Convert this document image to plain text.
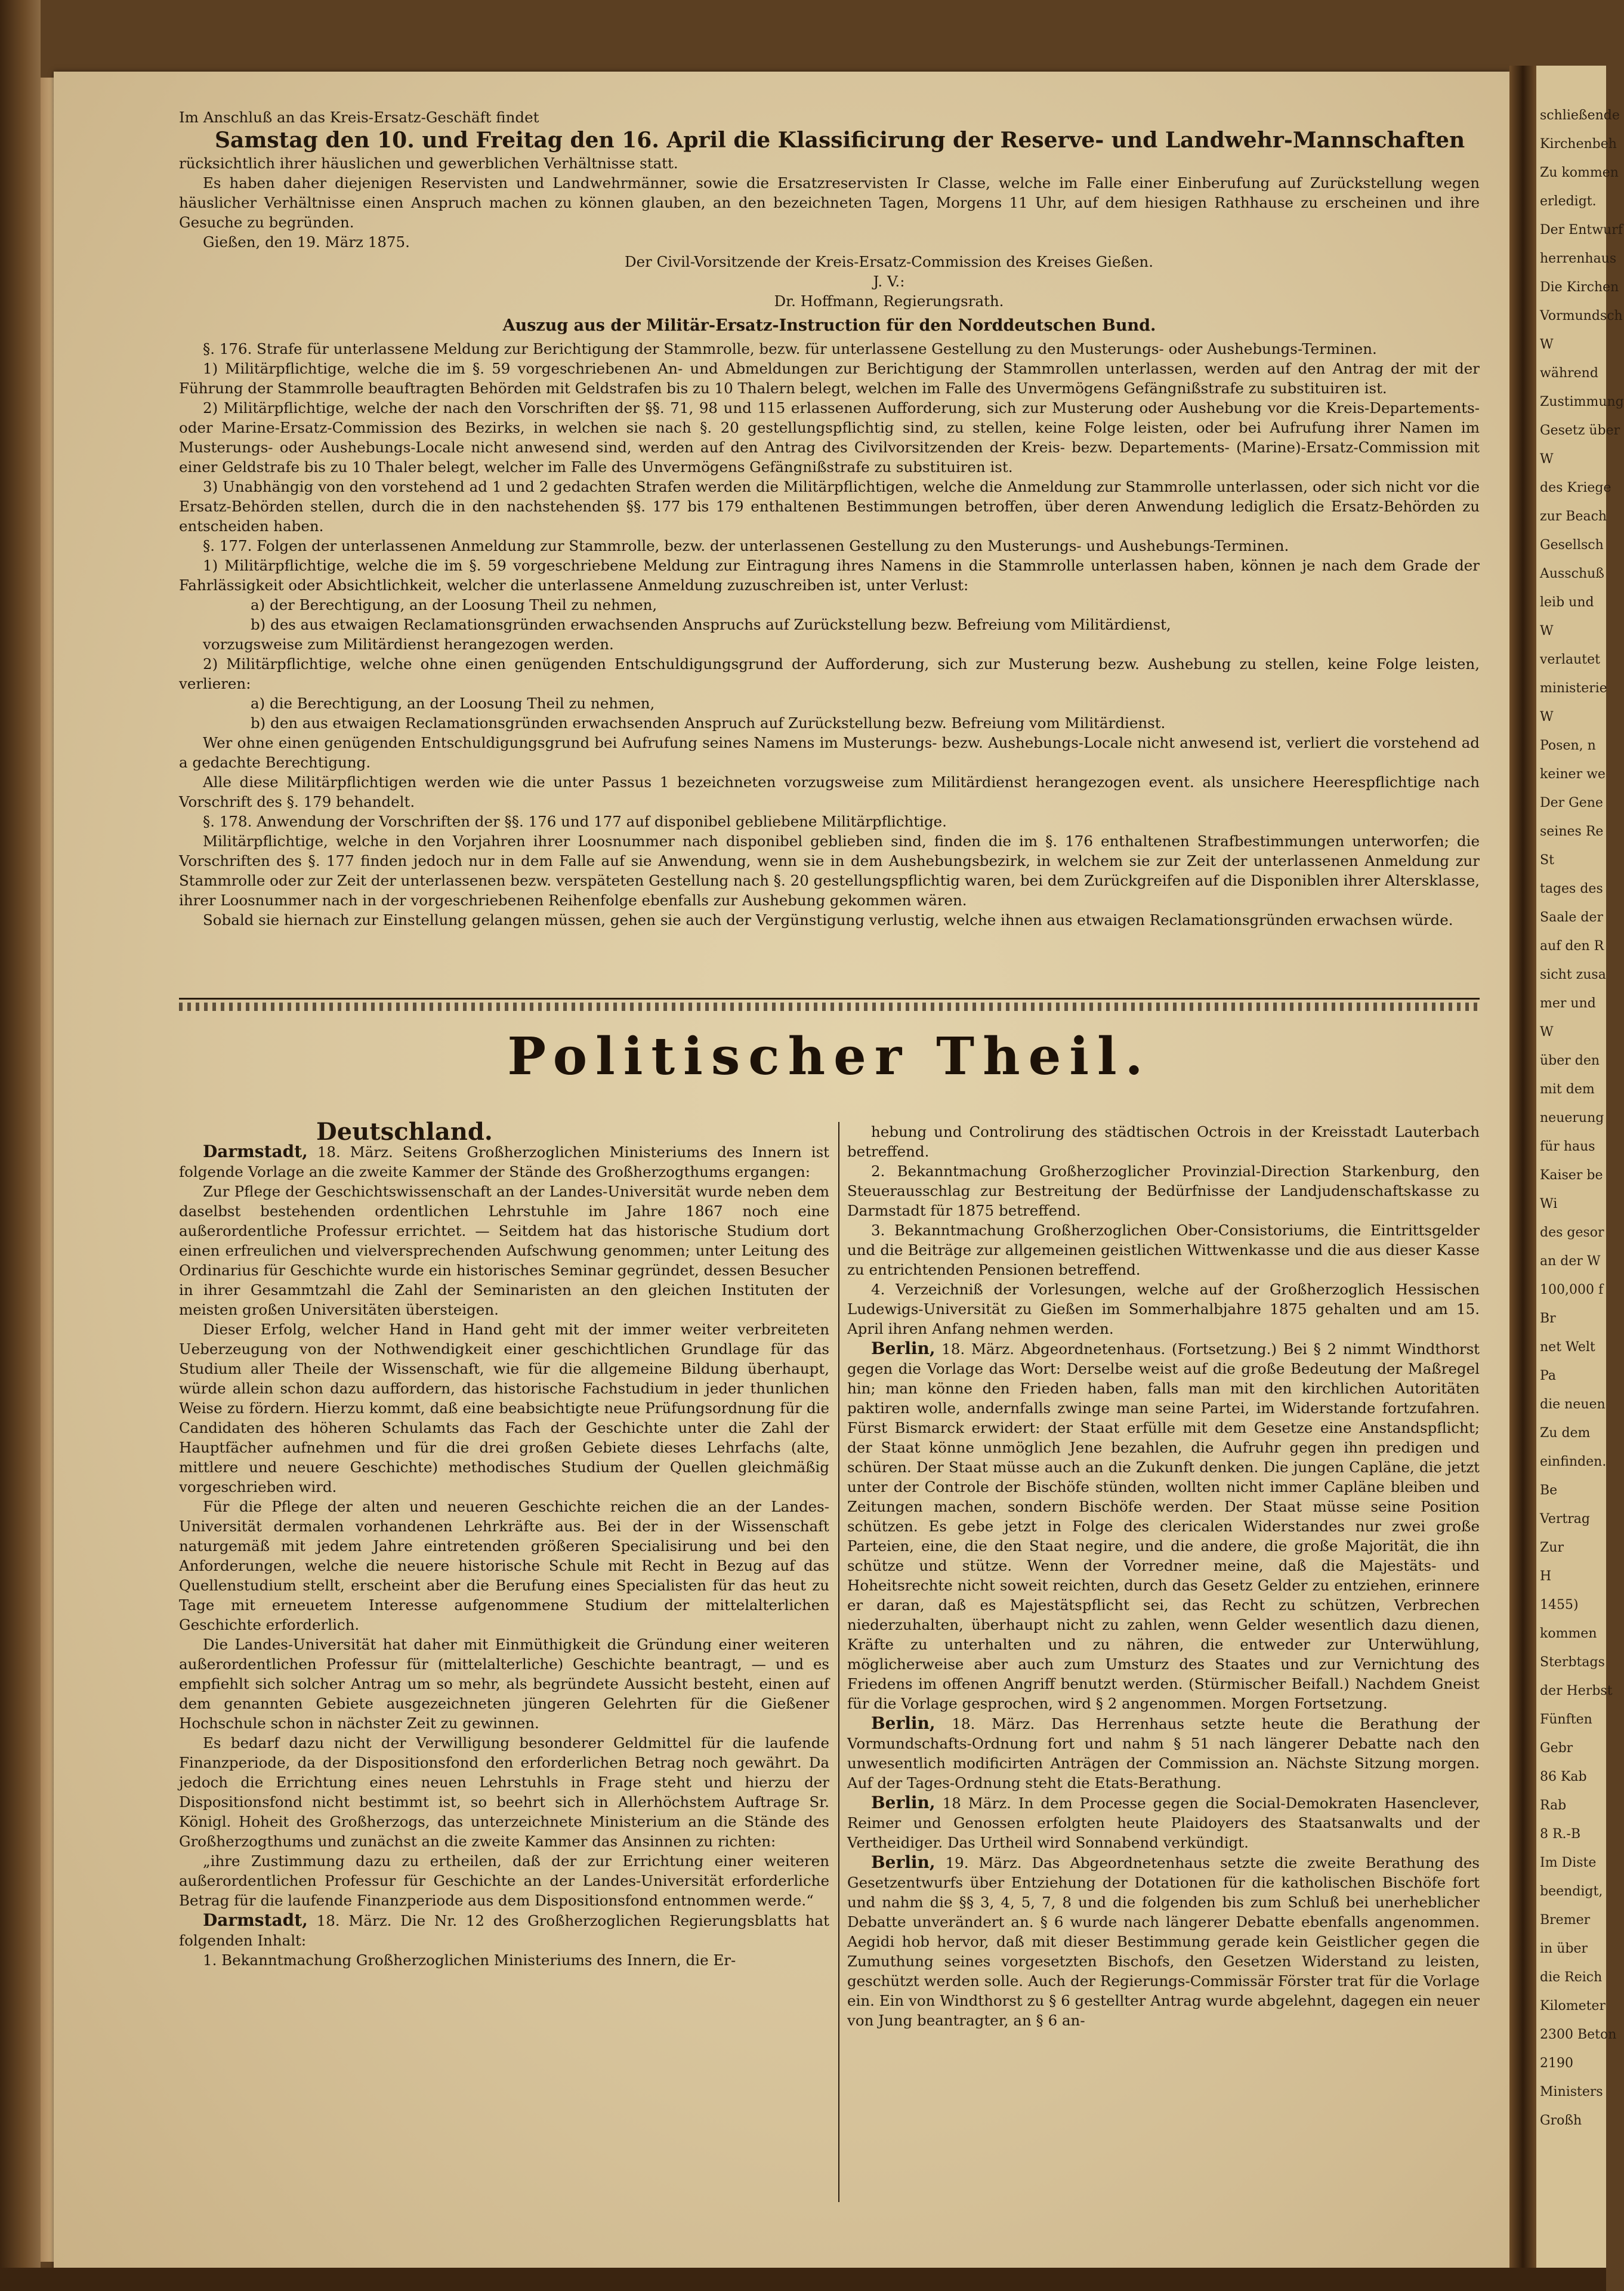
Im Anschluß an das Kreis-Ersatz-Geschäft findet

Samstag den 10. und Freitag den 16. April die Klassificirung der Reserve- und Landwehr-Mannschaften

rücksichtlich ihrer häuslichen und gewerblichen Verhältnisse statt.

Es haben daher diejenigen Reservisten und Landwehrmänner, sowie die Ersatzreservisten Ir Classe, welche im Falle einer Einberufung auf Zurückstellung wegen häuslicher Verhältnisse einen Anspruch machen zu können glauben, an den bezeichneten Tagen, Morgens 11 Uhr, auf dem hiesigen Rathhause zu erscheinen und ihre Gesuche zu begründen.

Gießen, den 19. März 1875.

Der Civil-Vorsitzende der Kreis-Ersatz-Commission des Kreises Gießen.

J. V.:

Dr. Hoffmann, Regierungsrath.

Auszug aus der Militär-Ersatz-Instruction für den Norddeutschen Bund.

§. 176. Strafe für unterlassene Meldung zur Berichtigung der Stammrolle, bezw. für unterlassene Gestellung zu den Musterungs- oder Aushebungs-Terminen.

1) Militärpflichtige, welche die im §. 59 vorgeschriebenen An- und Abmeldungen zur Berichtigung der Stammrollen unterlassen, werden auf den Antrag der mit der Führung der Stammrolle beauftragten Behörden mit Geldstrafen bis zu 10 Thalern belegt, welchen im Falle des Unvermögens Gefängnißstrafe zu substituiren ist.

2) Militärpflichtige, welche der nach den Vorschriften der §§. 71, 98 und 115 erlassenen Aufforderung, sich zur Musterung oder Aushebung vor die Kreis-Departements- oder Marine-Ersatz-Commission des Bezirks, in welchen sie nach §. 20 gestellungspflichtig sind, zu stellen, keine Folge leisten, oder bei Aufrufung ihrer Namen im Musterungs- oder Aushebungs-Locale nicht anwesend sind, werden auf den Antrag des Civilvorsitzenden der Kreis- bezw. Departements- (Marine)-Ersatz-Commission mit einer Geldstrafe bis zu 10 Thaler belegt, welcher im Falle des Unvermögens Gefängnißstrafe zu substituiren ist.

3) Unabhängig von den vorstehend ad 1 und 2 gedachten Strafen werden die Militärpflichtigen, welche die Anmeldung zur Stammrolle unterlassen, oder sich nicht vor die Ersatz-Behörden stellen, durch die in den nachstehenden §§. 177 bis 179 enthaltenen Bestimmungen betroffen, über deren Anwendung lediglich die Ersatz-Behörden zu entscheiden haben.

§. 177. Folgen der unterlassenen Anmeldung zur Stammrolle, bezw. der unterlassenen Gestellung zu den Musterungs- und Aushebungs-Terminen.

1) Militärpflichtige, welche die im §. 59 vorgeschriebene Meldung zur Eintragung ihres Namens in die Stammrolle unterlassen haben, können je nach dem Grade der Fahrlässigkeit oder Absichtlichkeit, welcher die unterlassene Anmeldung zuzuschreiben ist, unter Verlust:

a) der Berechtigung, an der Loosung Theil zu nehmen,

b) des aus etwaigen Reclamationsgründen erwachsenden Anspruchs auf Zurückstellung bezw. Befreiung vom Militärdienst,

vorzugsweise zum Militärdienst herangezogen werden.

2) Militärpflichtige, welche ohne einen genügenden Entschuldigungsgrund der Aufforderung, sich zur Musterung bezw. Aushebung zu stellen, keine Folge leisten, verlieren:

a) die Berechtigung, an der Loosung Theil zu nehmen,

b) den aus etwaigen Reclamationsgründen erwachsenden Anspruch auf Zurückstellung bezw. Befreiung vom Militärdienst.

Wer ohne einen genügenden Entschuldigungsgrund bei Aufrufung seines Namens im Musterungs- bezw. Aushebungs-Locale nicht anwesend ist, verliert die vorstehend ad a gedachte Berechtigung.

Alle diese Militärpflichtigen werden wie die unter Passus 1 bezeichneten vorzugsweise zum Militärdienst herangezogen event. als unsichere Heerespflichtige nach Vorschrift des §. 179 behandelt.

§. 178. Anwendung der Vorschriften der §§. 176 und 177 auf disponibel gebliebene Militärpflichtige.

Militärpflichtige, welche in den Vorjahren ihrer Loosnummer nach disponibel geblieben sind, finden die im §. 176 enthaltenen Strafbestimmungen unterworfen; die Vorschriften des §. 177 finden jedoch nur in dem Falle auf sie Anwendung, wenn sie in dem Aushebungsbezirk, in welchem sie zur Zeit der unterlassenen Anmeldung zur Stammrolle oder zur Zeit der unterlassenen bezw. verspäteten Gestellung nach §. 20 gestellungspflichtig waren, bei dem Zurückgreifen auf die Disponiblen ihrer Altersklasse, ihrer Loosnummer nach in der vorgeschriebenen Reihenfolge ebenfalls zur Aushebung gekommen wären.

Sobald sie hiernach zur Einstellung gelangen müssen, gehen sie auch der Vergünstigung verlustig, welche ihnen aus etwaigen Reclamationsgründen erwachsen würde.

Politischer Theil.

Deutschland.

Darmstadt, 18. März. Seitens Großherzoglichen Ministeriums des Innern ist folgende Vorlage an die zweite Kammer der Stände des Großherzogthums ergangen:

Zur Pflege der Geschichtswissenschaft an der Landes-Universität wurde neben dem daselbst bestehenden ordentlichen Lehrstuhle im Jahre 1867 noch eine außerordentliche Professur errichtet. — Seitdem hat das historische Studium dort einen erfreulichen und vielversprechenden Aufschwung genommen; unter Leitung des Ordinarius für Geschichte wurde ein historisches Seminar gegründet, dessen Besucher in ihrer Gesammtzahl die Zahl der Seminaristen an den gleichen Instituten der meisten großen Universitäten übersteigen.

Dieser Erfolg, welcher Hand in Hand geht mit der immer weiter verbreiteten Ueberzeugung von der Nothwendigkeit einer geschichtlichen Grundlage für das Studium aller Theile der Wissenschaft, wie für die allgemeine Bildung überhaupt, würde allein schon dazu auffordern, das historische Fachstudium in jeder thunlichen Weise zu fördern. Hierzu kommt, daß eine beabsichtigte neue Prüfungsordnung für die Candidaten des höheren Schulamts das Fach der Geschichte unter die Zahl der Hauptfächer aufnehmen und für die drei großen Gebiete dieses Lehrfachs (alte, mittlere und neuere Geschichte) methodisches Studium der Quellen gleichmäßig vorgeschrieben wird.

Für die Pflege der alten und neueren Geschichte reichen die an der Landes-Universität dermalen vorhandenen Lehrkräfte aus. Bei der in der Wissenschaft naturgemäß mit jedem Jahre eintretenden größeren Specialisirung und bei den Anforderungen, welche die neuere historische Schule mit Recht in Bezug auf das Quellenstudium stellt, erscheint aber die Berufung eines Specialisten für das heut zu Tage mit erneuetem Interesse aufgenommene Studium der mittelalterlichen Geschichte erforderlich.

Die Landes-Universität hat daher mit Einmüthigkeit die Gründung einer weiteren außerordentlichen Professur für (mittelalterliche) Geschichte beantragt, — und es empfiehlt sich solcher Antrag um so mehr, als begründete Aussicht besteht, einen auf dem genannten Gebiete ausgezeichneten jüngeren Gelehrten für die Gießener Hochschule schon in nächster Zeit zu gewinnen.

Es bedarf dazu nicht der Verwilligung besonderer Geldmittel für die laufende Finanzperiode, da der Dispositionsfond den erforderlichen Betrag noch gewährt. Da jedoch die Errichtung eines neuen Lehrstuhls in Frage steht und hierzu der Dispositionsfond nicht bestimmt ist, so beehrt sich in Allerhöchstem Auftrage Sr. Königl. Hoheit des Großherzogs, das unterzeichnete Ministerium an die Stände des Großherzogthums und zunächst an die zweite Kammer das Ansinnen zu richten:

„ihre Zustimmung dazu zu ertheilen, daß der zur Errichtung einer weiteren außerordentlichen Professur für Geschichte an der Landes-Universität erforderliche Betrag für die laufende Finanzperiode aus dem Dispositionsfond entnommen werde.“

Darmstadt, 18. März. Die Nr. 12 des Großherzoglichen Regierungsblatts hat folgenden Inhalt:

1. Bekanntmachung Großherzoglichen Ministeriums des Innern, die Er-

hebung und Controlirung des städtischen Octrois in der Kreisstadt Lauterbach betreffend.

2. Bekanntmachung Großherzoglicher Provinzial-Direction Starkenburg, den Steuerausschlag zur Bestreitung der Bedürfnisse der Landjudenschaftskasse zu Darmstadt für 1875 betreffend.

3. Bekanntmachung Großherzoglichen Ober-Consistoriums, die Eintrittsgelder und die Beiträge zur allgemeinen geistlichen Wittwenkasse und die aus dieser Kasse zu entrichtenden Pensionen betreffend.

4. Verzeichniß der Vorlesungen, welche auf der Großherzoglich Hessischen Ludewigs-Universität zu Gießen im Sommerhalbjahre 1875 gehalten und am 15. April ihren Anfang nehmen werden.

Berlin, 18. März. Abgeordnetenhaus. (Fortsetzung.) Bei § 2 nimmt Windthorst gegen die Vorlage das Wort: Derselbe weist auf die große Bedeutung der Maßregel hin; man könne den Frieden haben, falls man mit den kirchlichen Autoritäten paktiren wolle, andernfalls zwinge man seine Partei, im Widerstande fortzufahren. Fürst Bismarck erwidert: der Staat erfülle mit dem Gesetze eine Anstandspflicht; der Staat könne unmöglich Jene bezahlen, die Aufruhr gegen ihn predigen und schüren. Der Staat müsse auch an die Zukunft denken. Die jungen Capläne, die jetzt unter der Controle der Bischöfe stünden, wollten nicht immer Capläne bleiben und Zeitungen machen, sondern Bischöfe werden. Der Staat müsse seine Position schützen. Es gebe jetzt in Folge des clericalen Widerstandes nur zwei große Parteien, eine, die den Staat negire, und die andere, die große Majorität, die ihn schütze und stütze. Wenn der Vorredner meine, daß die Majestäts- und Hoheitsrechte nicht soweit reichten, durch das Gesetz Gelder zu entziehen, erinnere er daran, daß es Majestätspflicht sei, das Recht zu schützen, Verbrechen niederzuhalten, überhaupt nicht zu zahlen, wenn Gelder wesentlich dazu dienen, Kräfte zu unterhalten und zu nähren, die entweder zur Unterwühlung, möglicherweise aber auch zum Umsturz des Staates und zur Vernichtung des Friedens im offenen Angriff benutzt werden. (Stürmischer Beifall.) Nachdem Gneist für die Vorlage gesprochen, wird § 2 angenommen. Morgen Fortsetzung.

Berlin, 18. März. Das Herrenhaus setzte heute die Berathung der Vormundschafts-Ordnung fort und nahm § 51 nach längerer Debatte nach den unwesentlich modificirten Anträgen der Commission an. Nächste Sitzung morgen. Auf der Tages-Ordnung steht die Etats-Berathung.

Berlin, 18 März. In dem Processe gegen die Social-Demokraten Hasenclever, Reimer und Genossen erfolgten heute Plaidoyers des Staatsanwalts und der Vertheidiger. Das Urtheil wird Sonnabend verkündigt.

Berlin, 19. März. Das Abgeordnetenhaus setzte die zweite Berathung des Gesetzentwurfs über Entziehung der Dotationen für die katholischen Bischöfe fort und nahm die §§ 3, 4, 5, 7, 8 und die folgenden bis zum Schluß bei unerheblicher Debatte unverändert an. § 6 wurde nach längerer Debatte ebenfalls angenommen. Aegidi hob hervor, daß mit dieser Bestimmung gerade kein Geistlicher gegen die Zumuthung seines vorgesetzten Bischofs, den Gesetzen Widerstand zu leisten, geschützt werden solle. Auch der Regierungs-Commissär Förster trat für die Vorlage ein. Ein von Windthorst zu § 6 gestellter Antrag wurde abgelehnt, dagegen ein neuer von Jung beantragter, an § 6 an-

schließende
Kirchenbeh
Zu kommen
erledigt.
Der Entwurf
herrenhaus
Die Kirchen
Vormundsch
W
während
Zustimmung
Gesetz über
W
des Kriege
zur Beach
Gesellsch
Ausschuß
leib und
W
verlautet
ministerie
W
Posen, n
keiner we
Der Gene
seines Re
St
tages des
Saale der
auf den R
sicht zusa
mer und
W
über den
mit dem
neuerung
für haus
Kaiser be
Wi
des gesor
an der W
100,000 f
Br
net Welt
Pa
die neuen
Zu dem
einfinden.
Be
Vertrag
Zur
H
1455)
kommen
Sterbtags
der Herbst
Fünften
Gebr
86 Kab
Rab
8 R.-B
Im Diste
beendigt,
Bremer
in über
die Reich
Kilometer
2300 Beton
2190
Ministers
Großh
